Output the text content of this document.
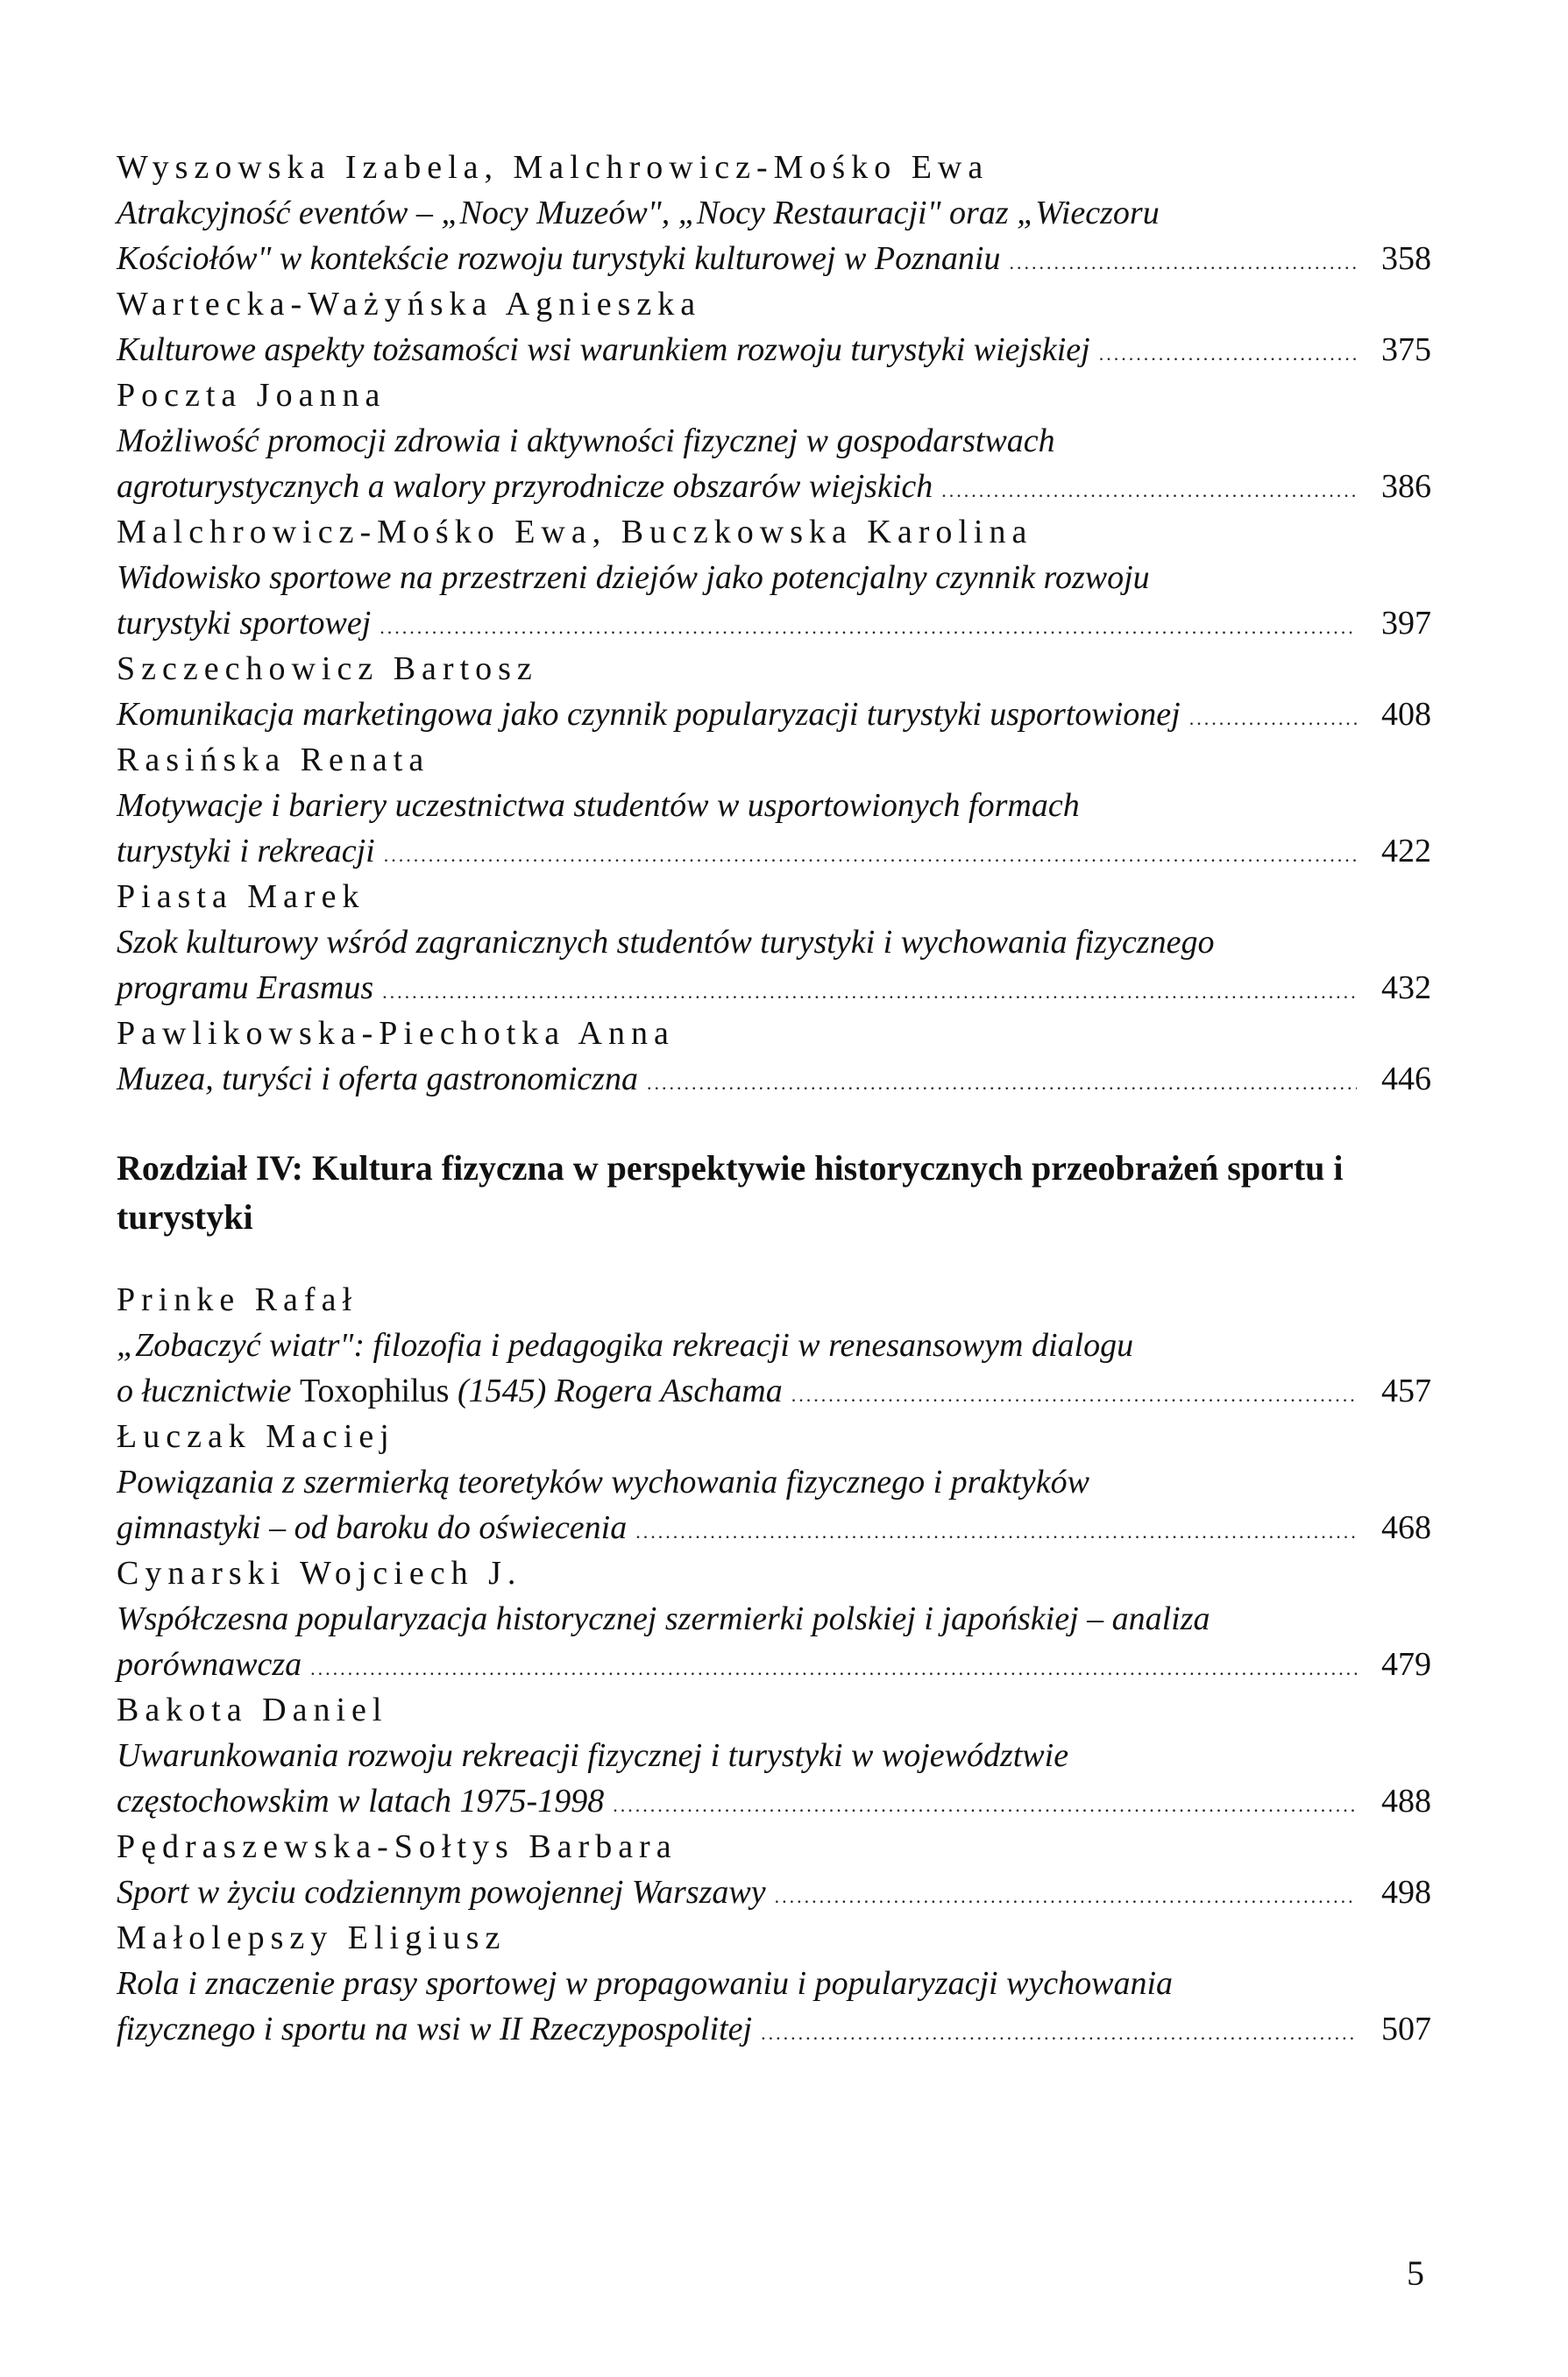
Wyszowska Izabela, Malchrowicz-Mośko Ewa
Atrakcyjność eventów – „Nocy Muzeów", „Nocy Restauracji" oraz „Wieczoru
Kościołów" w kontekście rozwoju turystyki kulturowej w Poznaniu .....	358
Wartecka-Ważyńska Agnieszka
Kulturowe aspekty tożsamości wsi warunkiem rozwoju turystyki wiejskiej .....	375
Poczta Joanna
Możliwość promocji zdrowia i aktywności fizycznej w gospodarstwach
agroturystycznych a walory przyrodnicze obszarów wiejskich .....	386
Malchrowicz-Mośko Ewa, Buczkowska Karolina
Widowisko sportowe na przestrzeni dziejów jako potencjalny czynnik rozwoju
turystyki sportowej .....	397
Szczechowicz Bartosz
Komunikacja marketingowa jako czynnik popularyzacji turystyki usportowionej .....	408
Rasińska Renata
Motywacje i bariery uczestnictwa studentów w usportowionych formach
turystyki i rekreacji .....	422
Piasta Marek
Szok kulturowy wśród zagranicznych studentów turystyki i wychowania fizycznego
programu Erasmus .....	432
Pawlikowska-Piechotka Anna
Muzea, turyści i oferta gastronomiczna .....	446
Rozdział IV: Kultura fizyczna w perspektywie historycznych przeobrażeń sportu i turystyki
Prinke Rafał
„Zobaczyć wiatr": filozofia i pedagogika rekreacji w renesansowym dialogu
o łucznictwie Toxophilus (1545) Rogera Aschama .....	457
Łuczak Maciej
Powiązania z szermierką teoretyków wychowania fizycznego i praktyków
gimnastyki – od baroku do oświecenia .....	468
Cynarski Wojciech J.
Współczesna popularyzacja historycznej szermierki polskiej i japońskiej – analiza
porównawcza .....	479
Bakota Daniel
Uwarunkowania rozwoju rekreacji fizycznej i turystyki w województwie
częstochowskim w latach 1975-1998 .....	488
Pędraszewska-Sołtys Barbara
Sport w życiu codziennym powojennej Warszawy .....	498
Małolepszy Eligiusz
Rola i znaczenie prasy sportowej w propagowaniu i popularyzacji wychowania
fizycznego i sportu na wsi w II Rzeczypospolitej .....	507
5
